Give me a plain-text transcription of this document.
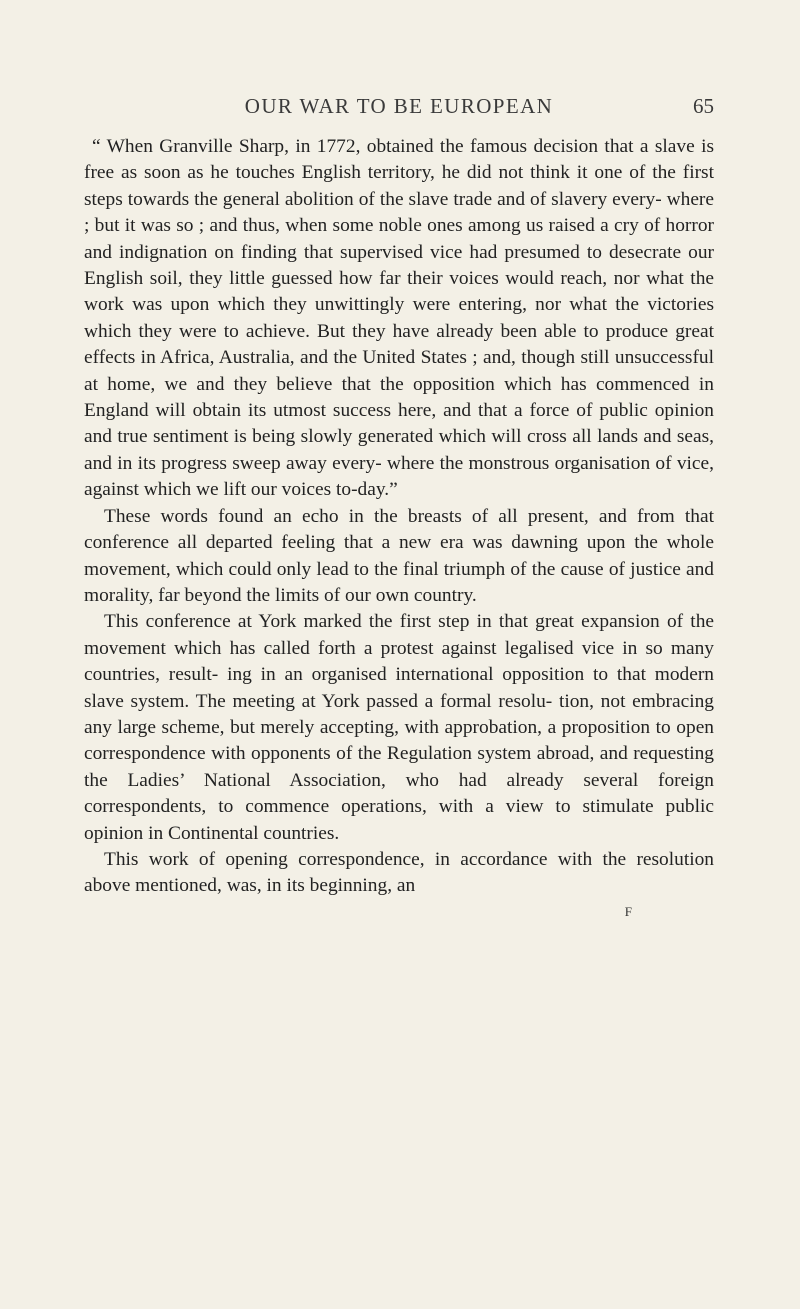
OUR WAR TO BE EUROPEAN	65

“ When Granville Sharp, in 1772, obtained the famous decision that a slave is free as soon as he touches English territory, he did not think it one of the first steps towards the general abolition of the slave trade and of slavery every- where ; but it was so ; and thus, when some noble ones among us raised a cry of horror and indignation on finding that supervised vice had presumed to desecrate our English soil, they little guessed how far their voices would reach, nor what the work was upon which they unwittingly were entering, nor what the victories which they were to achieve. But they have already been able to produce great effects in Africa, Australia, and the United States ; and, though still unsuccessful at home, we and they believe that the opposition which has commenced in England will obtain its utmost success here, and that a force of public opinion and true sentiment is being slowly generated which will cross all lands and seas, and in its progress sweep away every- where the monstrous organisation of vice, against which we lift our voices to-day.”

These words found an echo in the breasts of all present, and from that conference all departed feeling that a new era was dawning upon the whole movement, which could only lead to the final triumph of the cause of justice and morality, far beyond the limits of our own country.

This conference at York marked the first step in that great expansion of the movement which has called forth a protest against legalised vice in so many countries, result- ing in an organised international opposition to that modern slave system. The meeting at York passed a formal resolu- tion, not embracing any large scheme, but merely accepting, with approbation, a proposition to open correspondence with opponents of the Regulation system abroad, and requesting the Ladies’ National Association, who had already several foreign correspondents, to commence operations, with a view to stimulate public opinion in Continental countries.

This work of opening correspondence, in accordance with the resolution above mentioned, was, in its beginning, an

F
